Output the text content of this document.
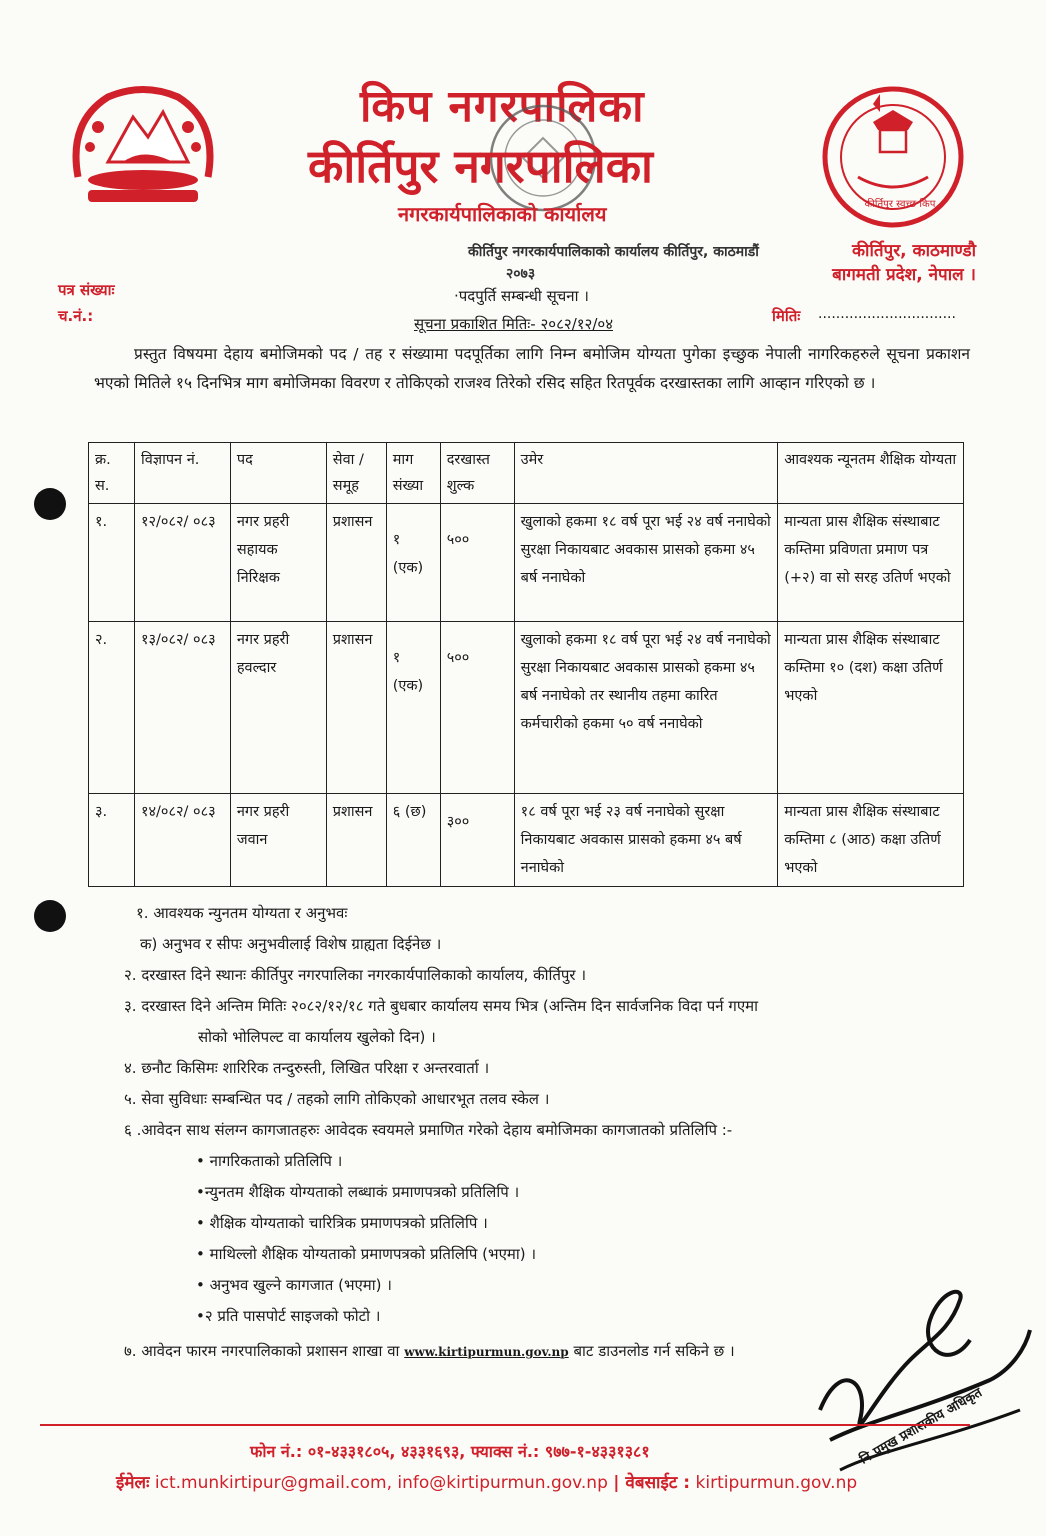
किप नगरपालिका
कीर्तिपुर नगरपालिका
नगरकार्यपालिकाको कार्यालय
कीर्तिपुर नगरकार्यपालिकाको कार्यालय कीर्तिपुर, काठमाडौं
२०७३
कीर्तिपुर स्वच्छ किप
कीर्तिपुर, काठमाण्डौ
बागमती प्रदेश, नेपाल ।
पत्र संख्याः
च.नं.:	मितिः ...............................
·पदपुर्ति सम्बन्धी सूचना ।
सूचना प्रकाशित मितिः- २०८२/१२/०४
प्रस्तुत विषयमा देहाय बमोजिमको पद / तह र संख्यामा पदपूर्तिका लागि निम्न बमोजिम योग्यता पुगेका इच्छुक नेपाली नागरिकहरुले सूचना प्रकाशन भएको मितिले १५ दिनभित्र माग बमोजिमका विवरण र तोकिएको राजश्व तिरेको रसिद सहित रितपूर्वक दरखास्तका लागि आव्हान गरिएको छ ।
क्र. स.	विज्ञापन नं.	पद	सेवा / समूह	माग संख्या	दरखास्त शुल्क	उमेर	आवश्यक न्यूनतम शैक्षिक योग्यता
१.	१२/०८२/ ०८३	नगर प्रहरी सहायक निरिक्षक	प्रशासन	१ (एक)	५००	खुलाको हकमा १८ वर्ष पूरा भई २४ वर्ष ननाघेको सुरक्षा निकायबाट अवकास प्रासको हकमा ४५ बर्ष ननाघेको	मान्यता प्रास शैक्षिक संस्थाबाट कम्तिमा प्रविणता प्रमाण पत्र (+२) वा सो सरह उतिर्ण भएको
२.	१३/०८२/ ०८३	नगर प्रहरी हवल्दार	प्रशासन	१ (एक)	५००	खुलाको हकमा १८ वर्ष पूरा भई २४ वर्ष ननाघेको सुरक्षा निकायबाट अवकास प्रासको हकमा ४५ बर्ष ननाघेको तर स्थानीय तहमा कारित कर्मचारीको हकमा ५० वर्ष ननाघेको	मान्यता प्रास शैक्षिक संस्थाबाट कम्तिमा १० (दश) कक्षा उतिर्ण भएको
३.	१४/०८२/ ०८३	नगर प्रहरी जवान	प्रशासन	६ (छ)	३००	१८ वर्ष पूरा भई २३ वर्ष ननाघेको सुरक्षा निकायबाट अवकास प्रासको हकमा ४५ बर्ष ननाघेको	मान्यता प्रास शैक्षिक संस्थाबाट कम्तिमा ८ (आठ) कक्षा उतिर्ण भएको
१. आवश्यक न्युनतम योग्यता र अनुभवः
क) अनुभव र सीपः अनुभवीलाई विशेष ग्राह्यता दिईनेछ ।
२. दरखास्त दिने स्थानः कीर्तिपुर नगरपालिका नगरकार्यपालिकाको कार्यालय, कीर्तिपुर ।
३. दरखास्त दिने अन्तिम मितिः २०८२/१२/१८ गते बुधबार कार्यालय समय भित्र (अन्तिम दिन सार्वजनिक विदा पर्न गएमा
सोको भोलिपल्ट वा कार्यालय खुलेको दिन) ।
४. छनौट किसिमः शारिरिक तन्दुरुस्ती, लिखित परिक्षा र अन्तरवार्ता ।
५. सेवा सुविधाः सम्बन्धित पद / तहको लागि तोकिएको आधारभूत तलव स्केल ।
६ .आवेदन साथ संलग्न कागजातहरुः आवेदक स्वयमले प्रमाणित गरेको देहाय बमोजिमका कागजातको प्रतिलिपि :-
• नागरिकताको प्रतिलिपि ।
•न्युनतम शैक्षिक योग्यताको लब्धाकं प्रमाणपत्रको प्रतिलिपि ।
• शैक्षिक योग्यताको चारित्रिक प्रमाणपत्रको प्रतिलिपि ।
• माथिल्लो शैक्षिक योग्यताको प्रमाणपत्रको प्रतिलिपि (भएमा) ।
• अनुभव खुल्ने कागजात (भएमा) ।
•२ प्रति पासपोर्ट साइजको फोटो ।
७. आवेदन फारम नगरपालिकाको प्रशासन शाखा वा www.kirtipurmun.gov.np बाट डाउनलोड गर्न सकिने छ ।
नि.प्रमुख प्रशासकीय अधिकृत
फोन नं.: ०१-४३३१८०५, ४३३१६९३, फ्याक्स नं.: ९७७-१-४३३१३८१
ईमेलः ict.munkirtipur@gmail.com, info@kirtipurmun.gov.np | वेबसाईट : kirtipurmun.gov.np
